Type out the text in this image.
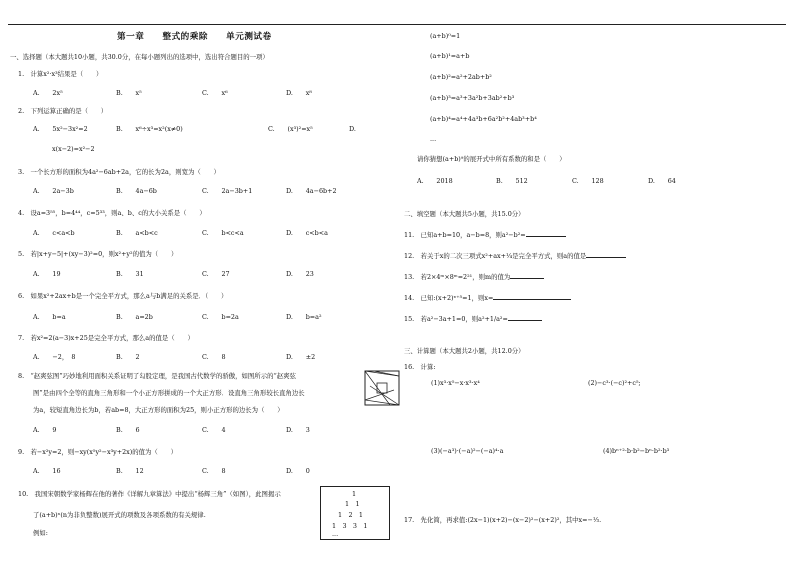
第一章　　整式的乘除　　单元测试卷
一、选择题（本大题共10小题，共30.0分，在每小题列出的选项中，选出符合题目的一项）
1.　计算x²·x³结果是（　　）
A.　　2x⁵	B.　　x⁵	C.　　x⁶	D.　　x⁸
2.　下列运算正确的是（　　）
A.　　5x²−3x²=2	B.　　x⁶÷x³=x²(x≠0)	C.　　(x³)²=x⁵	D.
x(x−2)=x²−2
3.　一个长方形的面积为4a²−6ab+2a，它的长为2a，则宽为（　　）
A.　　2a−3b	B.　　4a−6b	C.　　2a−3b+1	D.　　4a−6b+2
4.　设a=3⁵⁵，b=4⁴⁴，c=5³³，则a、b、c的大小关系是（　　）
A.　　c<a<b	B.　　a<b<c	C.　　b<c<a	D.　　c<b<a
5.　若|x+y−5|+(xy−3)²=0，则x²+y²的值为（　　）
A.　　19	B.　　31	C.　　27	D.　　23
6.　如果x²+2ax+b是一个完全平方式，那么a与b满足的关系是．（　　）
A.　　b=a	B.　　a=2b	C.　　b=2a	D.　　b=a²
7.　若x²=2(a−3)x+25是完全平方式，那么a的值是（　　）
A.　　−2，　8	B.　　2	C.　　8	D.　　±2
8.　“赵爽弦图”巧妙地利用面积关系证明了勾股定理，是我国古代数学的骄傲，如图所示的“赵爽弦
图”是由四个全等的直角三角形和一个小正方形拼成的一个大正方形．设直角三角形较长直角边长
为a，较短直角边长为b，若ab=8，大正方形的面积为25，则小正方形的边长为（　　）
A.　　9	B.　　6	C.　　4	D.　　3
9.　若−x²y=2，则−xy(x⁵y²−x³y+2x)的值为（　　）
A.　　16	B.　　12	C.　　8	D.　　0
10.　我国宋朝数学家杨辉在他的著作《详解九章算法》中提出“杨辉三角”（如图），此图揭示
了(a+b)ⁿ(n为非负整数)展开式的项数及各项系数的有关规律.
例如:
1
1　1
1　2　1
1　3　3　1
...
(a+b)⁰=1
(a+b)¹=a+b
(a+b)²=a²+2ab+b²
(a+b)³=a³+3a²b+3ab²+b³
(a+b)⁴=a⁴+4a³b+6a²b²+4ab³+b⁴
...
请你猜想(a+b)⁹的展开式中所有系数的和是（　　）
A.　　2018	B.　　512	C.　　128	D.　　64
二、填空题（本大题共5小题，共15.0分）
11.　已知a+b=10，a−b=8，则a²−b²=
12.　若关于x的二次三项式x²+ax+¼是完全平方式，则a的值是
13.　若2×4ᵐ×8ᵐ=2²¹，则m的值为
14.　已知:(x+2)ˣ⁺⁵=1，则x=
15.　若a²−3a+1=0，则a²+1/a²=
三、计算题（本大题共2小题，共12.0分）
16.　计算:
(1)x³·x⁵−x·x³·x⁴	(2)−c³·(−c)²+c⁵;
(3)(−a³)·(−a)²−(−a)⁴·a	(4)bⁿ⁺²·b·b²−bⁿ·b²·b³
17.　先化简，再求值:(2x−1)(x+2)−(x−2)²−(x+2)²，其中x=−⅓.
